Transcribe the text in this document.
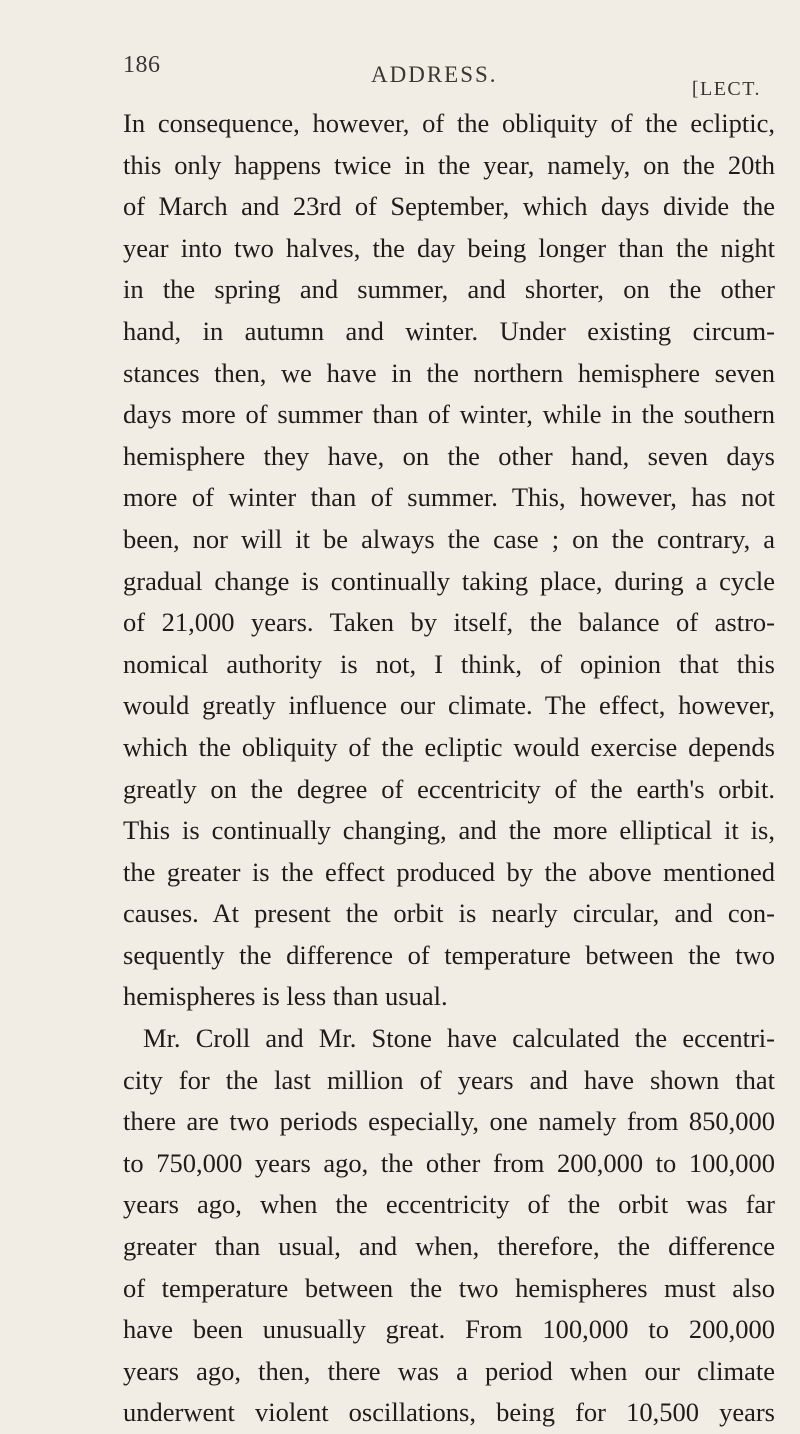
186	ADDRESS.
[LECT.
In consequence, however, of the obliquity of the ecliptic,
this only happens twice in the year, namely, on the 20th
of March and 23rd of September, which days divide the
year into two halves, the day being longer than the night
in the spring and summer, and shorter, on the other
hand, in autumn and winter. Under existing circum-
stances then, we have in the northern hemisphere seven
days more of summer than of winter, while in the southern
hemisphere they have, on the other hand, seven days
more of winter than of summer. This, however, has not
been, nor will it be always the case ; on the contrary, a
gradual change is continually taking place, during a cycle
of 21,000 years. Taken by itself, the balance of astro-
nomical authority is not, I think, of opinion that this
would greatly influence our climate. The effect, however,
which the obliquity of the ecliptic would exercise depends
greatly on the degree of eccentricity of the earth's orbit.
This is continually changing, and the more elliptical it is,
the greater is the effect produced by the above mentioned
causes. At present the orbit is nearly circular, and con-
sequently the difference of temperature between the two
hemispheres is less than usual.
Mr. Croll and Mr. Stone have calculated the eccentri-
city for the last million of years and have shown that
there are two periods especially, one namely from 850,000
to 750,000 years ago, the other from 200,000 to 100,000
years ago, when the eccentricity of the orbit was far
greater than usual, and when, therefore, the difference
of temperature between the two hemispheres must also
have been unusually great. From 100,000 to 200,000
years ago, then, there was a period when our climate
underwent violent oscillations, being for 10,500 years
